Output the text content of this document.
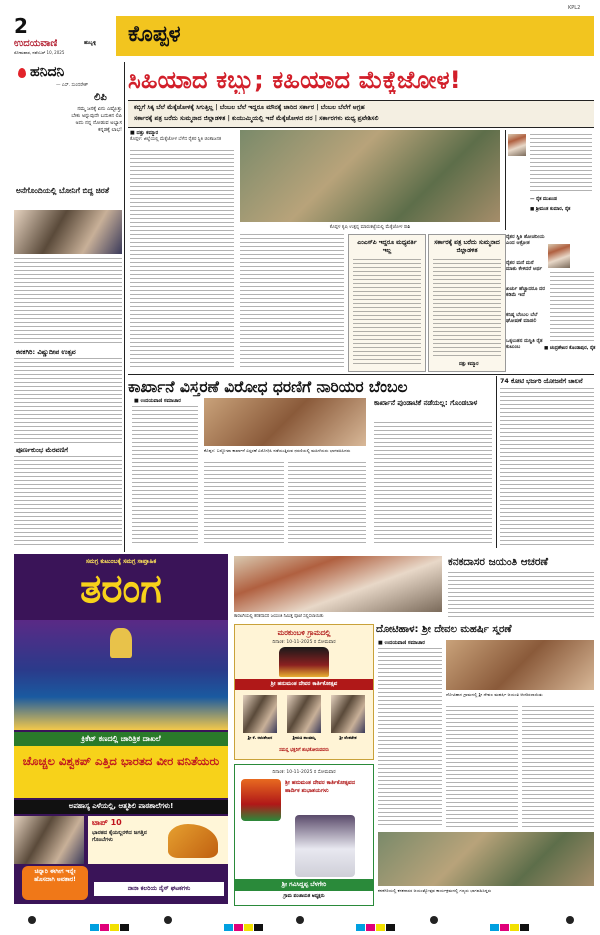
2
ಉದಯವಾಣಿ	ಹುಬ್ಬಳ್ಳಿ
ಸೋಮವಾರ, ನವೆಂಬರ್ 10, 2025
ಕೊಪ್ಪಳ
KPL2
ಹನಿದನಿ
— ಎಸ್. ಸುಂದರೇಶ್
ಲಿಪಿ
ನಮ್ಮ ಜನಕ್ಕೆ ಏನು ಎಷ್ಟೊತ್ತು ಬೇಕು ಅನ್ನುವುದೇ ಬದುಕಿನ ಲಿಪಿ ಅದು ನನ್ನ ನೋಡುವ ಅಭ್ಯಾಸ ಕನ್ನಡಕ್ಕೆ ಲಾಭ!
ಅನೆಗೊಂದಿಯಲ್ಲಿ ಬೋನಿಗೆ ಬಿದ್ದ ಚಿರತೆ
ಕನಕಗಿರಿ: ವಿಷ್ಣುದೀಪ ಉತ್ಸವ
ಪೂರ್ಣಕುಂಭ ಮೆರವಣಿಗೆ
ಸಿಹಿಯಾದ ಕಬ್ಬು; ಕಹಿಯಾದ ಮೆಕ್ಕೆಜೋಳ!
ಕಬ್ಬಿಗೆ ಸಿಕ್ಕ ಬೆಲೆ ಮೆಕ್ಕೆಜೋಳಕ್ಕೆ ಸಿಗುತ್ತಿಲ್ಲ | ಬೆಂಬಲ ಬೆಲೆ ಇದ್ದರೂ ಮೌನಕ್ಕೆ ಜಾರಿದ ಸರ್ಕಾರ | ಬೆಂಬಲ ಬೆಲೆಗೆ ಆಗ್ರಹ
ಸರ್ಕಾರಕ್ಕೆ ಪತ್ರ ಬರೆದು ಸುಮ್ಮನಾದ ಜಿಲ್ಲಾಡಳಿತ | ಕುಯುಮ್ಮಿಯಲ್ಲಿ ಇದೆ ಮೆಕ್ಕೆಜೋಳದ ದರ | ಸರ್ಕಾರಗಳು ಮಧ್ಯ ಪ್ರವೇಶಿಸಲಿ
■ ದತ್ತು ಕಮ್ಮಾರ
ಕೊಪ್ಪಳ: ಜಿಲ್ಲೆಯಲ್ಲಿ ಮೆಕ್ಕೆಜೋಳ ಬೆಳೆದ ರೈತರ ಸ್ಥಿತಿ ಚಿಂತಾಜನಕ
ಕೊಪ್ಪಳ ಕೃಷಿ ಉತ್ಪನ್ನ ಮಾರುಕಟ್ಟೆಯಲ್ಲಿ ಮೆಕ್ಕೆಜೋಳ ರಾಶಿ
ಎಂಎಸ್‌ಪಿ ಇದ್ದರೂ ಮಧ್ಯವರ್ತಿ ಇಲ್ಲ
ಸರ್ಕಾರಕ್ಕೆ ಪತ್ರ ಬರೆದು ಸುಮ್ಮನಾದ ಜಿಲ್ಲಾಡಳಿತ
ದತ್ತು ಕಮ್ಮಾರ
ರೈತರ ಸ್ಥಿತಿ ಶೋಚನೀಯ ಎಂದ ಆಕ್ರೋಶ
ರೈತರ ಮನೆ ಮನೆ ಮಾತು ಕೇಳಿದರೆ ಅರ್ಥ
ಖರ್ಚು ಹೆಚ್ಚಾದರೂ ದರ ಕಡಿಮೆ ಇದೆ
ಕನಿಷ್ಠ ಬೆಂಬಲ ಬೆಲೆ ಘೋಷಣೆ ಮಾಡಲಿ
ಒಕ್ಕಲುತನ ದುಸ್ಥಿತಿ ರೈತ ಕುಟುಂಬ
— ರೈತ ಮುಖಂಡ
■ ಶ್ರೀಮಂತ ಕುಮಾರ, ರೈತ
■ ಚಂದ್ರಶೇಖರ ಕೊಂಡಾಪುರ, ರೈತ
ಕಾರ್ಖಾನೆ ವಿಸ್ತರಣೆ ವಿರೋಧ ಧರಣಿಗೆ ನಾರಿಯರ ಬೆಂಬಲ
■ ಉದಯವಾಣಿ ಸಮಾಚಾರ
ಕೊಪ್ಪಳ: ಬಲ್ಡೋಟಾ ಕಾರ್ಖಾನೆ ವಿಸ್ತರಣೆ ವಿರೋಧಿಸಿ ನಡೆಯುತ್ತಿರುವ ಧರಣಿಯಲ್ಲಿ ಮಹಿಳೆಯರು ಭಾಗವಹಿಸಿದರು
ಕಾರ್ಖಾನೆ ಪುಂಡಾಟಿಕೆ ನಡೆಯಲ್ಲ: ಗೊಂಡಬಾಳ
74 ಕೋಟಿ ಭರ್ಜರಿ ಯೋಜನೆಗೆ ಚಾಲನೆ
ಸಮಗ್ರ ಕುಟುಂಬಕ್ಕೆ ಸಮಗ್ರ ಸಾಪ್ತಾಹಿಕ
ತರಂಗ
ಕ್ರಿಕೆಟ್ ಕಣದಲ್ಲಿ ಚಾರಿತ್ರಿಕ ದಾಖಲೆ
ಚೊಚ್ಚಲ ವಿಶ್ವಕಪ್ ಎತ್ತಿದ ಭಾರತದ ವೀರ ವನಿತೆಯರು
ಅಪಹಾಸ್ಯ ಎಳೆಯಲ್ಲಿ, ಆತ್ಮಶಿಲಿ ಪಾಠಶಾಲೆಗಳು!
ಟಾಪ್ 10
ಭಾರತದ ಕೈಯಲ್ಲರಳಿದ ಜಗತ್ತಿನ ಗೊಂಬೆಗಳು
ಚಿನ್ನಾರಿ ಈಗೀಗ ಇನ್ನೇ ಹೊಸದಾಗಿ ಅವತಾರ!
ನಾನಾ ಕಲರಿಯ ನೈಸ್ ಘಟಕಗಳು
ಕಾರಟಗಿಯಲ್ಲಿ ಕನಕದಾಸರ ಜಯಂತಿ ನಿಮಿತ್ತ ಪೂಜೆ ಸಲ್ಲಿಸಲಾಯಿತು
ಕನಕದಾಸರ ಜಯಂತಿ ಆಚರಣೆ
ಮರಕುಂಬಳಿ ಗ್ರಾಮದಲ್ಲಿ
ದಿನಾಂಕ: 10-11-2025 ರ ಸೋಮವಾರ
ಶ್ರೀ ಹನುಮಂತ ದೇವರ ಕಾರ್ತಿಕೋತ್ಸವ
ಶ್ರೀ ಕೆ. ರಾಜಶೇಖರ	ಶ್ರೀಮತಿ ಶಾಂತಮ್ಮ	ಶ್ರೀ ವೆಂಕಟೇಶ
ಸಮಸ್ತ ಭಕ್ತರಿಗೆ ಶುಭಕೋರುವವರು
ದಿನಾಂಕ: 10-11-2025 ರ ಸೋಮವಾರ
ಶ್ರೀ ಹನುಮಂತ ದೇವರ ಕಾರ್ತಿಕೋತ್ಸವದ ಹಾರ್ದಿಕ ಶುಭಾಶಯಗಳು
ಶ್ರೀ ಗವಿಸಿದ್ದಪ್ಪ ಬೆಳಗೇರಿ
ಗ್ರಾಮ ಪಂಚಾಯತ ಅಧ್ಯಕ್ಷರು
ದೋಟಿಹಾಳ: ಶ್ರೀ ದೇವಲ ಮಹರ್ಷಿ ಸ್ಮರಣೆ
■ ಉದಯವಾಣಿ ಸಮಾಚಾರ
ದೋಟಿಹಾಳ ಗ್ರಾಮದಲ್ಲಿ ಶ್ರೀ ದೇವಲ ಮಹರ್ಷಿ ಜಯಂತಿ ಆಚರಿಸಲಾಯಿತು
ಕನಕಗಿರಿಯಲ್ಲಿ ಕನಕದಾಸರ ಜಯಂತ್ಯೋತ್ಸವ ಕಾರ್ಯಕ್ರಮದಲ್ಲಿ ಗಣ್ಯರು ಭಾಗವಹಿಸಿದ್ದರು
